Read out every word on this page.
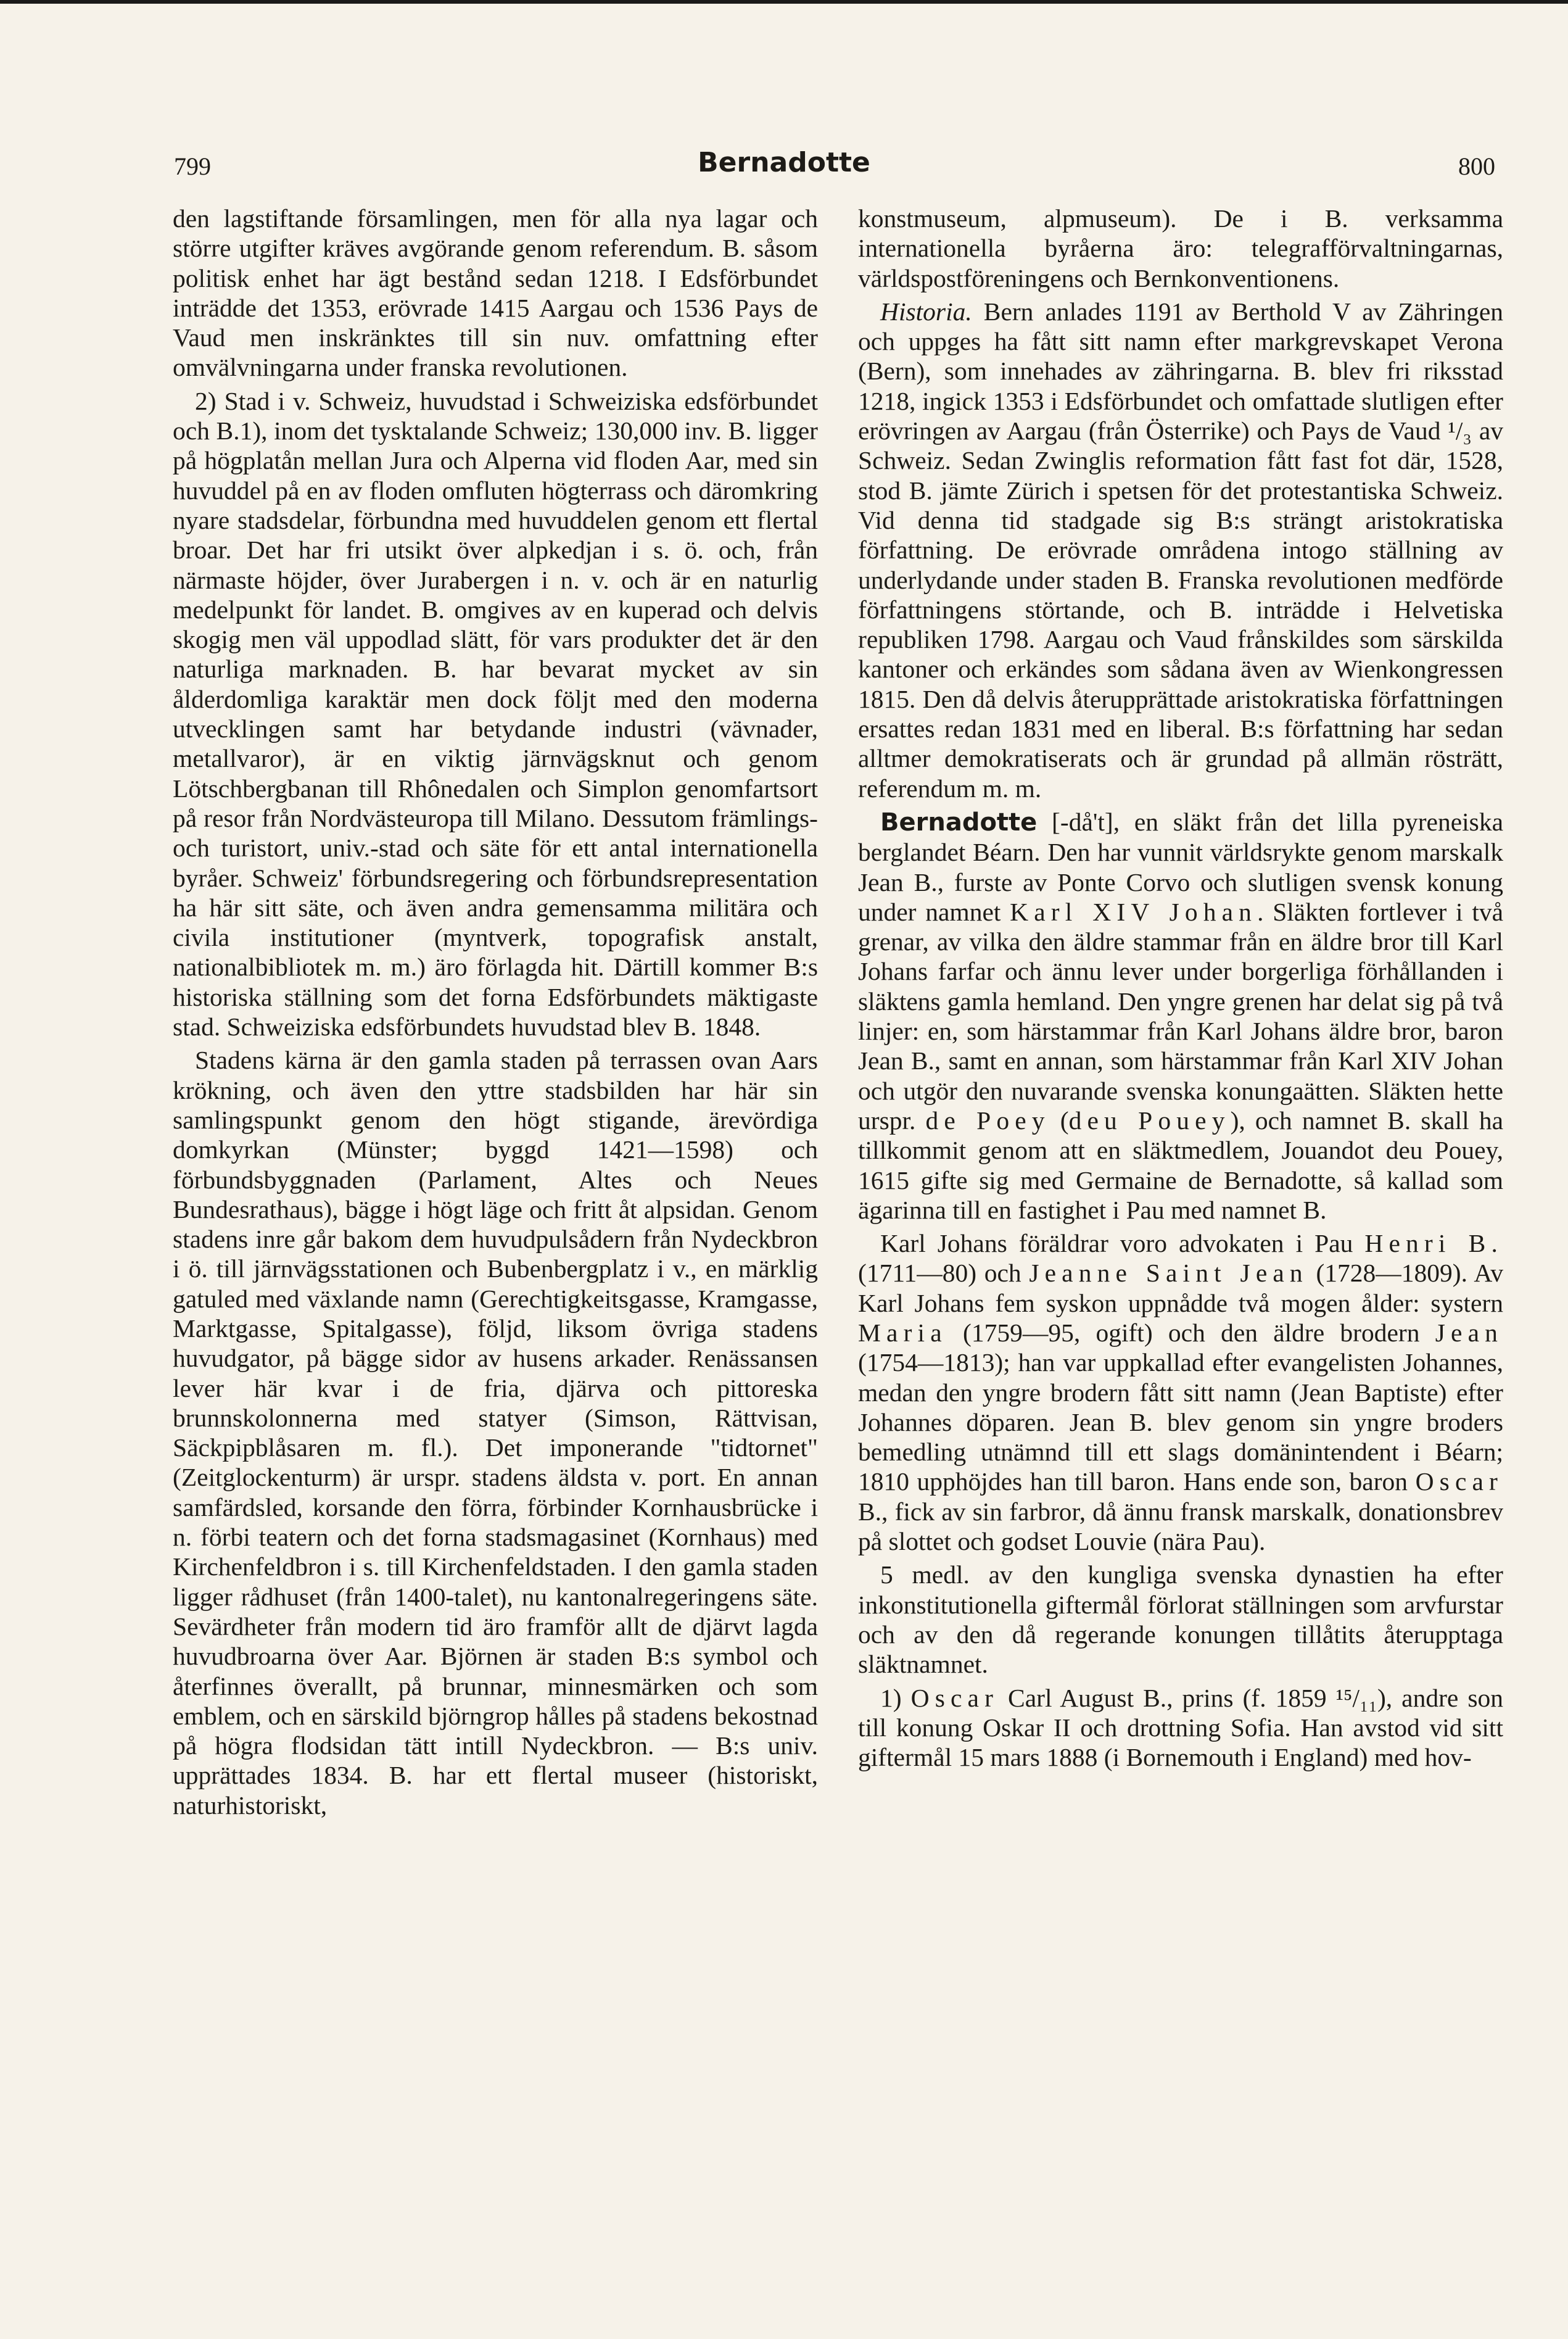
799	Bernadotte	800

den lagstiftande församlingen, men för alla nya lagar och större utgifter kräves avgörande genom referendum. B. såsom politisk enhet har ägt bestånd sedan 1218. I Edsförbundet inträdde det 1353, erövrade 1415 Aargau och 1536 Pays de Vaud men inskränktes till sin nuv. omfattning efter omvälvningarna under franska revolutionen.

2) Stad i v. Schweiz, huvudstad i Schweiziska edsförbundet och B.1), inom det tysktalande Schweiz; 130,000 inv. B. ligger på högplatån mellan Jura och Alperna vid floden Aar, med sin huvuddel på en av floden omfluten högterrass och däromkring nyare stadsdelar, förbundna med huvuddelen genom ett flertal broar. Det har fri utsikt över alpkedjan i s. ö. och, från närmaste höjder, över Jurabergen i n. v. och är en naturlig medelpunkt för landet. B. omgives av en kuperad och delvis skogig men väl uppodlad slätt, för vars produkter det är den naturliga marknaden. B. har bevarat mycket av sin ålderdomliga karaktär men dock följt med den moderna utvecklingen samt har betydande industri (vävnader, metallvaror), är en viktig järnvägsknut och genom Lötschbergbanan till Rhônedalen och Simplon genomfartsort på resor från Nordvästeuropa till Milano. Dessutom främlings- och turistort, univ.-stad och säte för ett antal internationella byråer. Schweiz' förbundsregering och förbundsrepresentation ha här sitt säte, och även andra gemensamma militära och civila institutioner (myntverk, topografisk anstalt, nationalbibliotek m. m.) äro förlagda hit. Därtill kommer B:s historiska ställning som det forna Edsförbundets mäktigaste stad. Schweiziska edsförbundets huvudstad blev B. 1848.

Stadens kärna är den gamla staden på terrassen ovan Aars krökning, och även den yttre stadsbilden har här sin samlingspunkt genom den högt stigande, ärevördiga domkyrkan (Münster; byggd 1421—1598) och förbundsbyggnaden (Parlament, Altes och Neues Bundesrathaus), bägge i högt läge och fritt åt alpsidan. Genom stadens inre går bakom dem huvudpulsådern från Nydeckbron i ö. till järnvägsstationen och Bubenbergplatz i v., en märklig gatuled med växlande namn (Gerechtigkeitsgasse, Kramgasse, Marktgasse, Spitalgasse), följd, liksom övriga stadens huvudgator, på bägge sidor av husens arkader. Renässansen lever här kvar i de fria, djärva och pittoreska brunnskolonnerna med statyer (Simson, Rättvisan, Säckpipblåsaren m. fl.). Det imponerande "tidtornet" (Zeitglockenturm) är urspr. stadens äldsta v. port. En annan samfärdsled, korsande den förra, förbinder Kornhausbrücke i n. förbi teatern och det forna stadsmagasinet (Kornhaus) med Kirchenfeldbron i s. till Kirchenfeldstaden. I den gamla staden ligger rådhuset (från 1400-talet), nu kantonalregeringens säte. Sevärdheter från modern tid äro framför allt de djärvt lagda huvudbroarna över Aar. Björnen är staden B:s symbol och återfinnes överallt, på brunnar, minnesmärken och som emblem, och en särskild björngrop hålles på stadens bekostnad på högra flodsidan tätt intill Nydeckbron. — B:s univ. upprättades 1834. B. har ett flertal museer (historiskt, naturhistoriskt,

konstmuseum, alpmuseum). De i B. verksamma internationella byråerna äro: telegrafförvaltningarnas, världspostföreningens och Bernkonventionens.

Historia. Bern anlades 1191 av Berthold V av Zähringen och uppges ha fått sitt namn efter markgrevskapet Verona (Bern), som innehades av zähringarna. B. blev fri riksstad 1218, ingick 1353 i Edsförbundet och omfattade slutligen efter erövringen av Aargau (från Österrike) och Pays de Vaud ¹/₃ av Schweiz. Sedan Zwinglis reformation fått fast fot där, 1528, stod B. jämte Zürich i spetsen för det protestantiska Schweiz. Vid denna tid stadgade sig B:s strängt aristokratiska författning. De erövrade områdena intogo ställning av underlydande under staden B. Franska revolutionen medförde författningens störtande, och B. inträdde i Helvetiska republiken 1798. Aargau och Vaud frånskildes som särskilda kantoner och erkändes som sådana även av Wienkongressen 1815. Den då delvis återupprättade aristokratiska författningen ersattes redan 1831 med en liberal. B:s författning har sedan alltmer demokratiserats och är grundad på allmän rösträtt, referendum m. m.

Bernadotte [-då't], en släkt från det lilla pyreneiska berglandet Béarn. Den har vunnit världsrykte genom marskalk Jean B., furste av Ponte Corvo och slutligen svensk konung under namnet Karl XIV Johan. Släkten fortlever i två grenar, av vilka den äldre stammar från en äldre bror till Karl Johans farfar och ännu lever under borgerliga förhållanden i släktens gamla hemland. Den yngre grenen har delat sig på två linjer: en, som härstammar från Karl Johans äldre bror, baron Jean B., samt en annan, som härstammar från Karl XIV Johan och utgör den nuvarande svenska konungaätten. Släkten hette urspr. de Poey (deu Pouey), och namnet B. skall ha tillkommit genom att en släktmedlem, Jouandot deu Pouey, 1615 gifte sig med Germaine de Bernadotte, så kallad som ägarinna till en fastighet i Pau med namnet B.

Karl Johans föräldrar voro advokaten i Pau Henri B. (1711—80) och Jeanne Saint Jean (1728—1809). Av Karl Johans fem syskon uppnådde två mogen ålder: systern Maria (1759—95, ogift) och den äldre brodern Jean (1754—1813); han var uppkallad efter evangelisten Johannes, medan den yngre brodern fått sitt namn (Jean Baptiste) efter Johannes döparen. Jean B. blev genom sin yngre broders bemedling utnämnd till ett slags domänintendent i Béarn; 1810 upphöjdes han till baron. Hans ende son, baron Oscar B., fick av sin farbror, då ännu fransk marskalk, donationsbrev på slottet och godset Louvie (nära Pau).

5 medl. av den kungliga svenska dynastien ha efter inkonstitutionella giftermål förlorat ställningen som arvfurstar och av den då regerande konungen tillåtits återupptaga släktnamnet.

1) Oscar Carl August B., prins (f. 1859 ¹⁵/₁₁), andre son till konung Oskar II och drottning Sofia. Han avstod vid sitt giftermål 15 mars 1888 (i Bornemouth i England) med hov-
